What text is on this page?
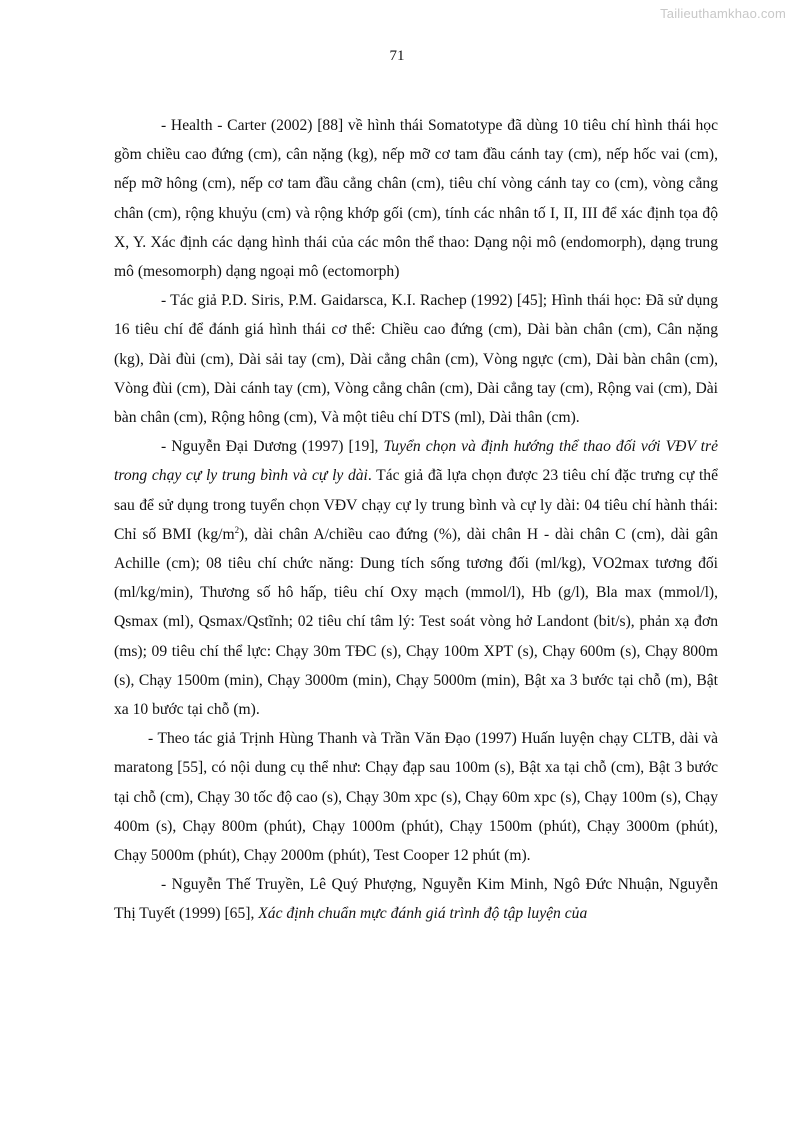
Tailieuthamkhao.com
71

- Health - Carter (2002) [88] về hình thái Somatotype đã dùng 10 tiêu chí hình thái học gồm chiều cao đứng (cm), cân nặng (kg), nếp mỡ cơ tam đầu cánh tay (cm), nếp hốc vai (cm), nếp mỡ hông (cm), nếp cơ tam đầu cẳng chân (cm), tiêu chí vòng cánh tay co (cm), vòng cẳng chân (cm), rộng khuỷu (cm) và rộng khớp gối (cm), tính các nhân tố I, II, III để xác định tọa độ X, Y. Xác định các dạng hình thái của các môn thể thao: Dạng nội mô (endomorph), dạng trung mô (mesomorph) dạng ngoại mô (ectomorph)

- Tác giả P.D. Siris, P.M. Gaidarsca, K.I. Rachep (1992) [45]; Hình thái học: Đã sử dụng 16 tiêu chí để đánh giá hình thái cơ thể: Chiều cao đứng (cm), Dài bàn chân (cm), Cân nặng (kg), Dài đùi (cm), Dài sải tay (cm), Dài cẳng chân (cm), Vòng ngực (cm), Dài bàn chân (cm), Vòng đùi (cm), Dài cánh tay (cm), Vòng cẳng chân (cm), Dài cẳng tay (cm), Rộng vai (cm), Dài bàn chân (cm), Rộng hông (cm), Và một tiêu chí DTS (ml), Dài thân (cm).

- Nguyễn Đại Dương (1997) [19], Tuyển chọn và định hướng thể thao đối với VĐV trẻ trong chạy cự ly trung bình và cự ly dài. Tác giả đã lựa chọn được 23 tiêu chí đặc trưng cự thể sau để sử dụng trong tuyển chọn VĐV chạy cự ly trung bình và cự ly dài: 04 tiêu chí hành thái: Chỉ số BMI $(kg/m^2)$, dài chân A/chiều cao đứng (%), dài chân H - dài chân C (cm), dài gân Achille (cm); 08 tiêu chí chức năng: Dung tích sống tương đối (ml/kg), VO2max tương đối (ml/kg/min), Thương số hô hấp, tiêu chí Oxy mạch (mmol/l), Hb (g/l), Bla max (mmol/l), Qsmax (ml), Qsmax/Qstĩnh; 02 tiêu chí tâm lý: Test soát vòng hở Landont (bit/s), phản xạ đơn (ms); 09 tiêu chí thể lực: Chạy 30m TĐC (s), Chạy 100m XPT (s), Chạy 600m (s), Chạy 800m (s), Chạy 1500m (min), Chạy 3000m (min), Chạy 5000m (min), Bật xa 3 bước tại chỗ (m), Bật xa 10 bước tại chỗ (m).

- Theo tác giả Trịnh Hùng Thanh và Trần Văn Đạo (1997) Huấn luyện chạy CLTB, dài và maratong [55], có nội dung cụ thể như: Chạy đạp sau 100m (s), Bật xa tại chỗ (cm), Bật 3 bước tại chỗ (cm), Chạy 30 tốc độ cao (s), Chạy 30m xpc (s), Chạy 60m xpc (s), Chạy 100m (s), Chạy 400m (s), Chạy 800m (phút), Chạy 1000m (phút), Chạy 1500m (phút), Chạy 3000m (phút), Chạy 5000m (phút), Chạy 2000m (phút), Test Cooper 12 phút (m).

- Nguyễn Thế Truyền, Lê Quý Phượng, Nguyễn Kim Minh, Ngô Đức Nhuận, Nguyễn Thị Tuyết (1999) [65], Xác định chuẩn mực đánh giá trình độ tập luyện của
